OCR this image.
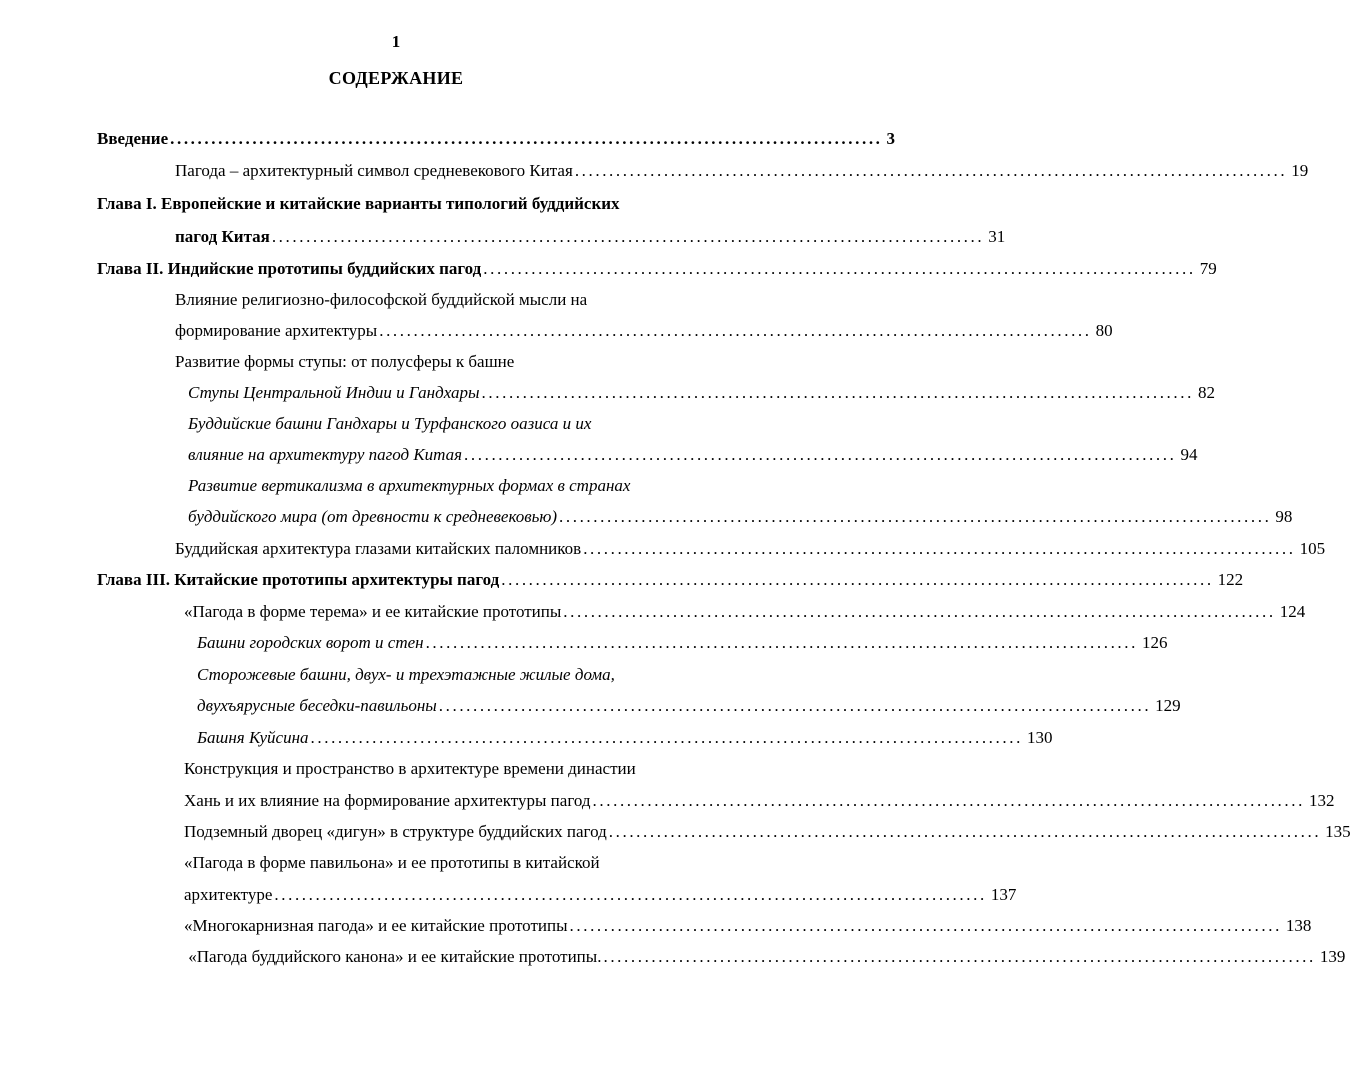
1
СОДЕРЖАНИЕ
Введение ........................................................................................................ 3
Пагода – архитектурный символ средневекового Китая ........................................................................................................ 19
Глава I. Европейские и китайские варианты типологий буддийских
пагод Китая ........................................................................................................ 31
Глава II. Индийские прототипы буддийских пагод ........................................................................................................ 79
Влияние религиозно-философской буддийской мысли на
формирование архитектуры ........................................................................................................ 80
Развитие формы ступы: от полусферы к башне
Ступы Центральной Индии и Гандхары ........................................................................................................ 82
Буддийские башни Гандхары и Турфанского оазиса и их
влияние на архитектуру пагод Китая ........................................................................................................ 94
Развитие вертикализма в архитектурных формах в странах
буддийского мира (от древности к средневековью) ........................................................................................................ 98
Буддийская архитектура глазами китайских паломников ........................................................................................................ 105
Глава III. Китайские прототипы архитектуры пагод ........................................................................................................ 122
«Пагода в форме терема» и ее китайские прототипы ........................................................................................................ 124
Башни городских ворот и стен ........................................................................................................ 126
Сторожевые башни, двух- и трехэтажные жилые дома,
двухъярусные беседки-павильоны ........................................................................................................ 129
Башня Куйсина ........................................................................................................ 130
Конструкция и пространство в архитектуре времени династии
Хань и их влияние на формирование архитектуры пагод ........................................................................................................ 132
Подземный дворец «дигун» в структуре буддийских пагод ........................................................................................................ 135
«Пагода в форме павильона» и ее прототипы в китайской
архитектуре ........................................................................................................ 137
«Многокарнизная пагода» и ее китайские прототипы ........................................................................................................ 138
«Пагода буддийского канона» и ее китайские прототипы. ........................................................................................................ 139
